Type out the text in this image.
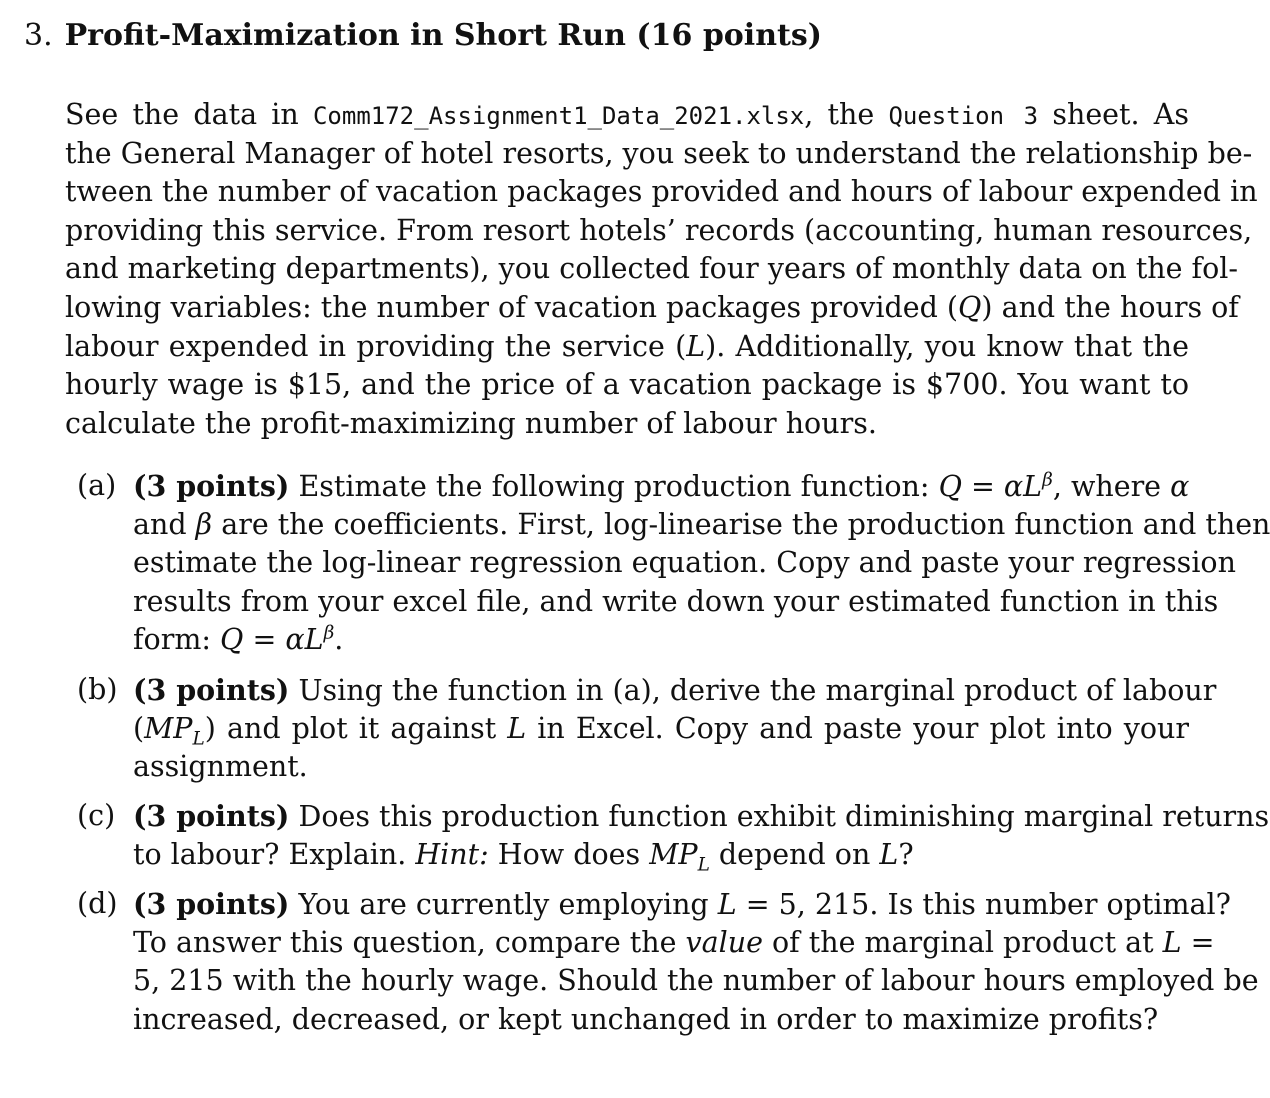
3. Profit-Maximization in Short Run (16 points)
See the data in Comm172_Assignment1_Data_2021.xlsx, the Question 3 sheet. As
the General Manager of hotel resorts, you seek to understand the relationship be-
tween the number of vacation packages provided and hours of labour expended in
providing this service. From resort hotels’ records (accounting, human resources,
and marketing departments), you collected four years of monthly data on the fol-
lowing variables: the number of vacation packages provided (Q) and the hours of
labour expended in providing the service (L). Additionally, you know that the
hourly wage is $15, and the price of a vacation package is $700. You want to
calculate the profit-maximizing number of labour hours.
(a) (3 points) Estimate the following production function: $Q = \alpha L^\beta$, where α
and β are the coefficients. First, log-linearise the production function and then
estimate the log-linear regression equation. Copy and paste your regression
results from your excel file, and write down your estimated function in this
form: $Q = \alpha L^\beta$.
(b) (3 points) Using the function in (a), derive the marginal product of labour
$(MP_L)$ and plot it against L in Excel. Copy and paste your plot into your
assignment.
(c) (3 points) Does this production function exhibit diminishing marginal returns
to labour? Explain. Hint: How does $MP_L$ depend on L?
(d) (3 points) You are currently employing L = 5, 215. Is this number optimal?
To answer this question, compare the value of the marginal product at L =
5, 215 with the hourly wage. Should the number of labour hours employed be
increased, decreased, or kept unchanged in order to maximize profits?
